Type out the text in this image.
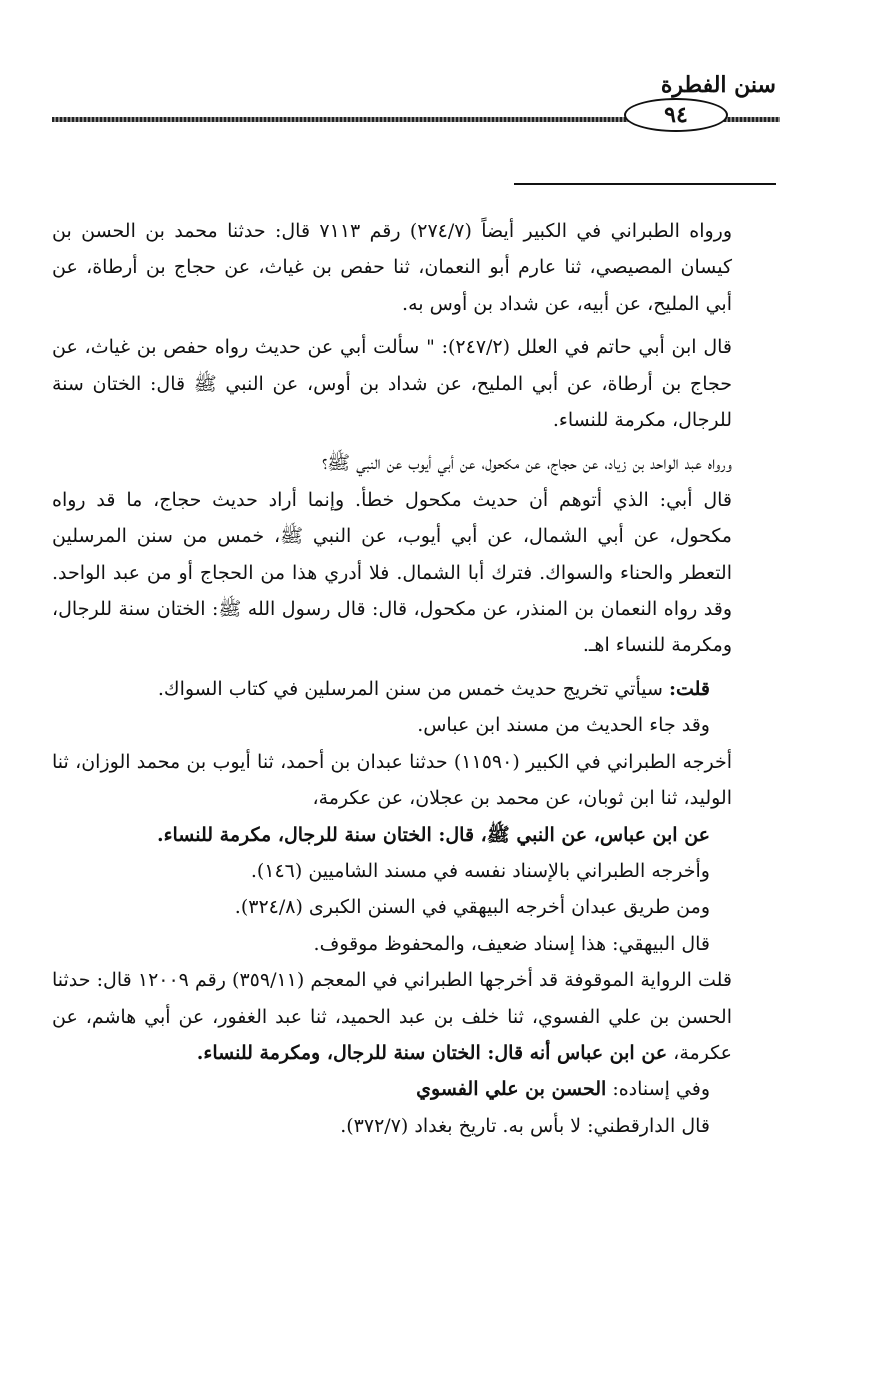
سنن الفطرة
٩٤

ورواه الطبراني في الكبير أيضاً (٢٧٤/٧) رقم ٧١١٣ قال: حدثنا محمد بن الحسن بن كيسان المصيصي، ثنا عارم أبو النعمان، ثنا حفص بن غياث، عن حجاج بن أرطاة، عن أبي المليح، عن أبيه، عن شداد بن أوس به.

قال ابن أبي حاتم في العلل (٢٤٧/٢): " سألت أبي عن حديث رواه حفص بن غياث، عن حجاج بن أرطاة، عن أبي المليح، عن شداد بن أوس، عن النبي ﷺ قال: الختان سنة للرجال، مكرمة للنساء.

ورواه عبد الواحد بن زياد، عن حجاج، عن مكحول، عن أبي أيوب عن النبي ﷺ؟

قال أبي: الذي أتوهم أن حديث مكحول خطأ. وإنما أراد حديث حجاج، ما قد رواه مكحول، عن أبي الشمال، عن أبي أيوب، عن النبي ﷺ، خمس من سنن المرسلين التعطر والحناء والسواك. فترك أبا الشمال. فلا أدري هذا من الحجاج أو من عبد الواحد. وقد رواه النعمان بن المنذر، عن مكحول، قال: قال رسول الله ﷺ: الختان سنة للرجال، ومكرمة للنساء اهـ.

قلت: سيأتي تخريج حديث خمس من سنن المرسلين في كتاب السواك.

وقد جاء الحديث من مسند ابن عباس.

أخرجه الطبراني في الكبير (١١٥٩٠) حدثنا عبدان بن أحمد، ثنا أيوب بن محمد الوزان، ثنا الوليد، ثنا ابن ثوبان، عن محمد بن عجلان، عن عكرمة،

عن ابن عباس، عن النبي ﷺ، قال: الختان سنة للرجال، مكرمة للنساء.

وأخرجه الطبراني بالإسناد نفسه في مسند الشاميين (١٤٦).

ومن طريق عبدان أخرجه البيهقي في السنن الكبرى (٣٢٤/٨).

قال البيهقي: هذا إسناد ضعيف، والمحفوظ موقوف.

قلت الرواية الموقوفة قد أخرجها الطبراني في المعجم (٣٥٩/١١) رقم ١٢٠٠٩ قال: حدثنا الحسن بن علي الفسوي، ثنا خلف بن عبد الحميد، ثنا عبد الغفور، عن أبي هاشم، عن عكرمة، عن ابن عباس أنه قال: الختان سنة للرجال، ومكرمة للنساء.

وفي إسناده: الحسن بن علي الفسوي

قال الدارقطني: لا بأس به. تاريخ بغداد (٣٧٢/٧).
